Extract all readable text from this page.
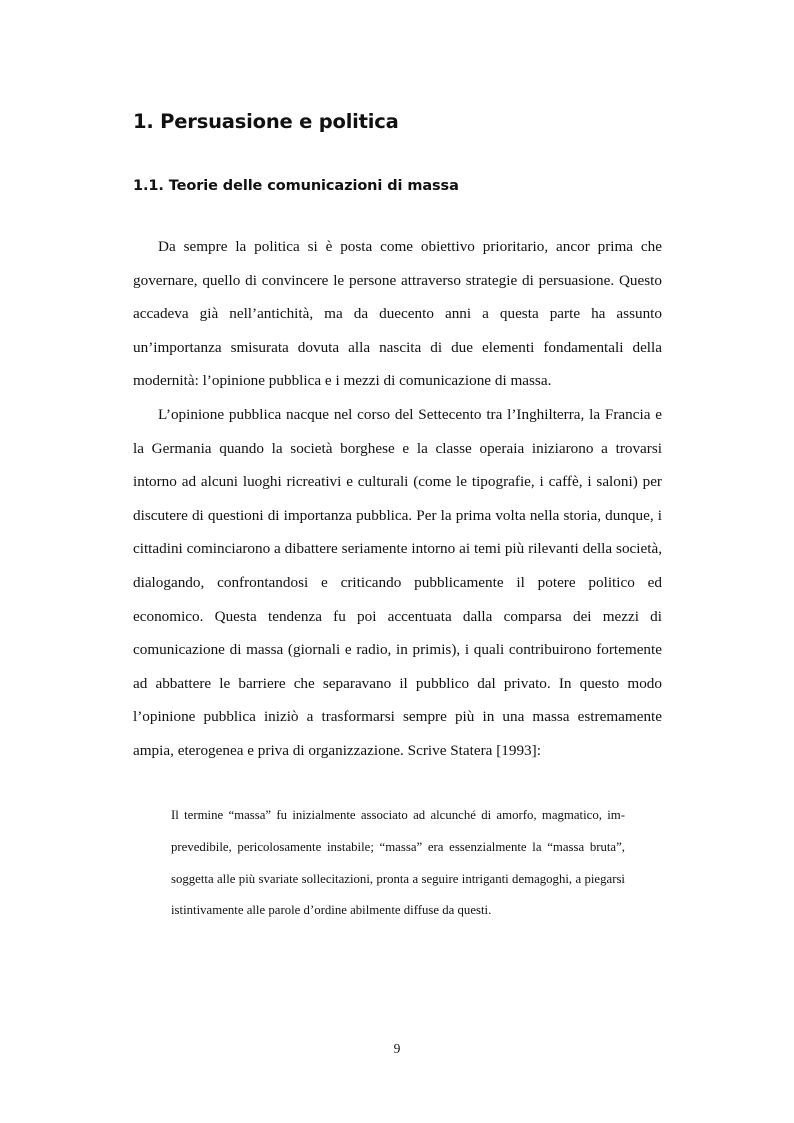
1. Persuasione e politica
1.1. Teorie delle comunicazioni di massa

Da sempre la politica si è posta come obiettivo prioritario, ancor prima che governare, quello di convincere le persone attraverso strategie di persuasione. Questo accadeva già nell’antichità, ma da duecento anni a questa parte ha assunto un’importanza smisurata dovuta alla nascita di due elementi fondamentali della modernità: l’opinione pubblica e i mezzi di comunicazione di massa.

L’opinione pubblica nacque nel corso del Settecento tra l’Inghilterra, la Francia e la Germania quando la società borghese e la classe operaia iniziarono a trovarsi intorno ad alcuni luoghi ricreativi e culturali (come le tipografie, i caffè, i saloni) per discutere di questioni di importanza pubblica. Per la prima volta nella storia, dunque, i cittadini cominciarono a dibattere seriamente intorno ai temi più rilevanti della società, dialogando, confrontandosi e criticando pubblicamente il potere politico ed economico. Questa tendenza fu poi accentuata dalla comparsa dei mezzi di comunicazione di massa (giornali e radio, in primis), i quali contribuirono fortemente ad abbattere le barriere che separavano il pubblico dal privato. In questo modo l’opinione pubblica iniziò a trasformarsi sempre più in una massa estremamente ampia, eterogenea e priva di organizzazione. Scrive Statera [1993]:

Il termine “massa” fu inizialmente associato ad alcunché di amorfo, magmatico, imprevedibile, pericolosamente instabile; “massa” era essenzialmente la “massa bruta”, soggetta alle più svariate sollecitazioni, pronta a seguire intriganti demagoghi, a piegarsi istintivamente alle parole d’ordine abilmente diffuse da questi.

9
